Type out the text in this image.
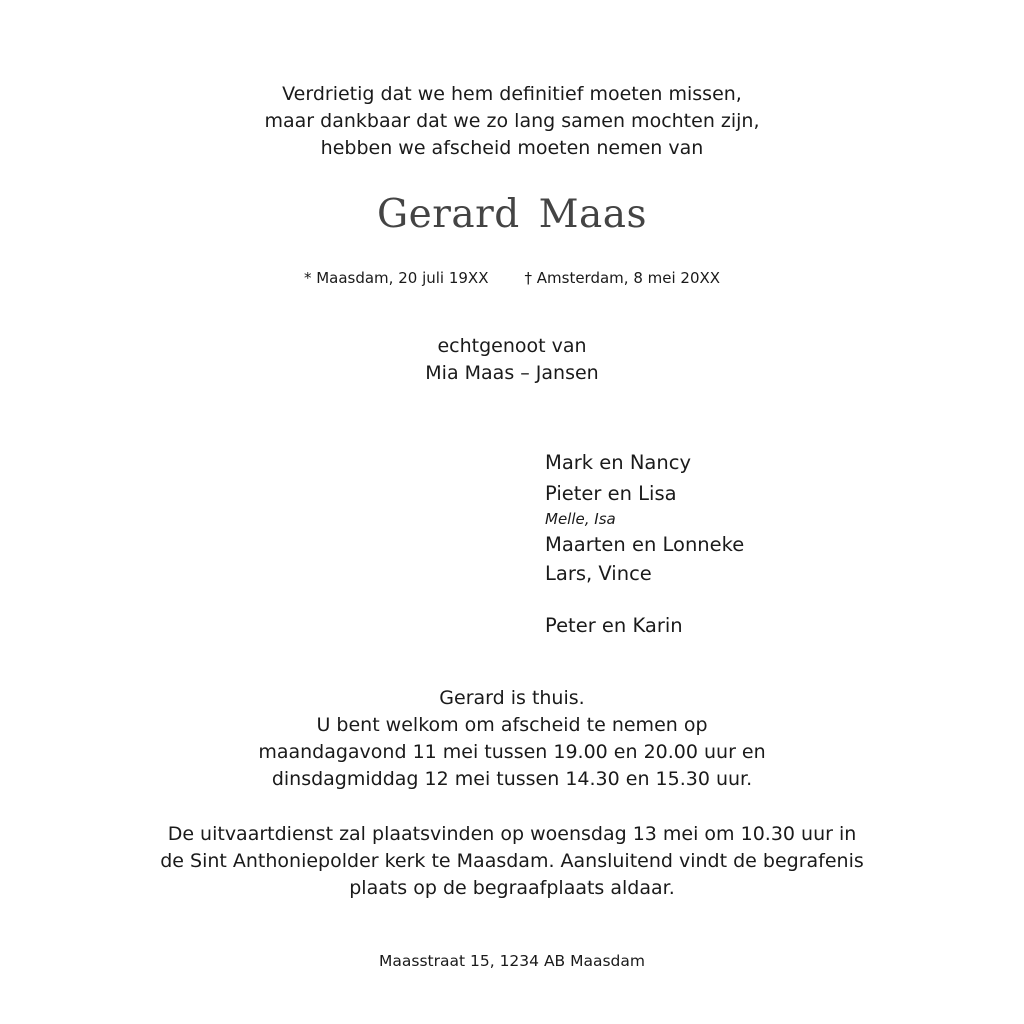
Verdrietig dat we hem definitief moeten missen,
maar dankbaar dat we zo lang samen mochten zijn,
hebben we afscheid moeten nemen van
Gerard Maas
* Maasdam, 20 juli 19XX † Amsterdam, 8 mei 20XX
echtgenoot van
Mia Maas – Jansen
Mark en Nancy
Pieter en Lisa
Melle, Isa
Maarten en Lonneke
Lars, Vince
Peter en Karin
Gerard is thuis.
U bent welkom om afscheid te nemen op
maandagavond 11 mei tussen 19.00 en 20.00 uur en
dinsdagmiddag 12 mei tussen 14.30 en 15.30 uur.
De uitvaartdienst zal plaatsvinden op woensdag 13 mei om 10.30 uur in
de Sint Anthoniepolder kerk te Maasdam. Aansluitend vindt de begrafenis
plaats op de begraafplaats aldaar.
Maasstraat 15, 1234 AB Maasdam
